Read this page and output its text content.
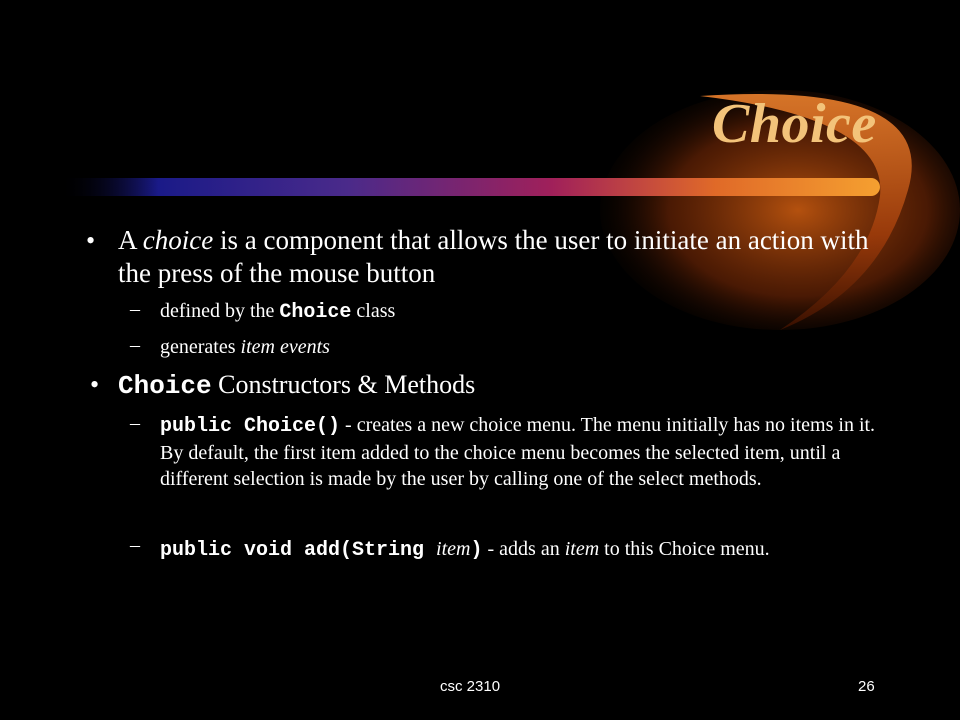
Choice
• A choice is a component that allows the user to initiate an action with the press of the mouse button
– defined by the Choice class
– generates item events
• Choice Constructors & Methods
– public Choice() - creates a new choice menu. The menu initially has no items in it. By default, the first item added to the choice menu becomes the selected item, until a different selection is made by the user by calling one of the select methods.
– public void add(String item) - adds an item to this Choice menu.
csc 2310	26
